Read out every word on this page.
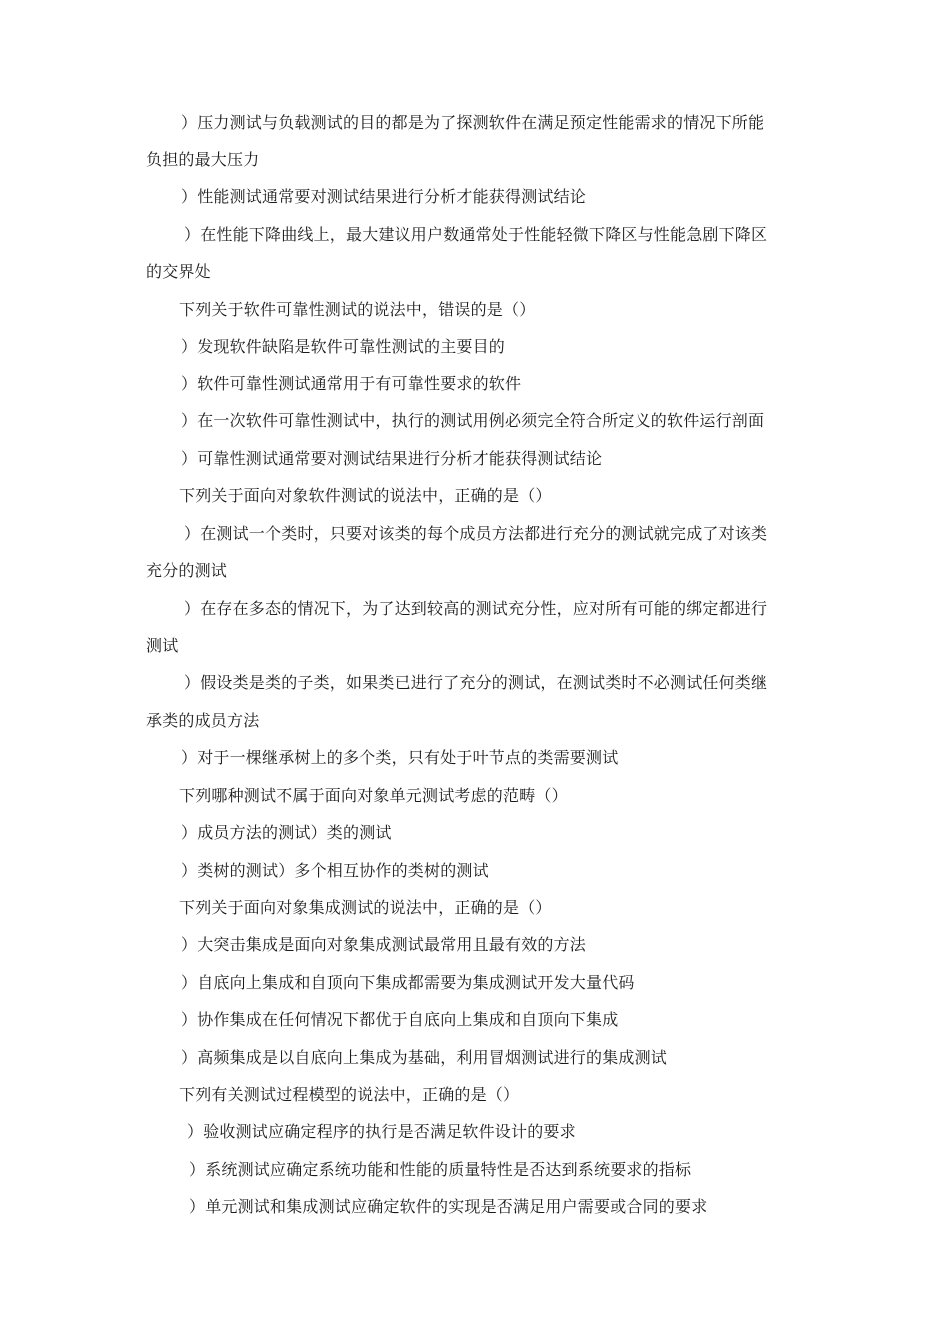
）压力测试与负载测试的目的都是为了探测软件在满足预定性能需求的情况下所能
负担的最大压力
）性能测试通常要对测试结果进行分析才能获得测试结论
）在性能下降曲线上，最大建议用户数通常处于性能轻微下降区与性能急剧下降区
的交界处
下列关于软件可靠性测试的说法中，错误的是（）
）发现软件缺陷是软件可靠性测试的主要目的
）软件可靠性测试通常用于有可靠性要求的软件
）在一次软件可靠性测试中，执行的测试用例必须完全符合所定义的软件运行剖面
）可靠性测试通常要对测试结果进行分析才能获得测试结论
下列关于面向对象软件测试的说法中，正确的是（）
）在测试一个类时，只要对该类的每个成员方法都进行充分的测试就完成了对该类
充分的测试
）在存在多态的情况下，为了达到较高的测试充分性，应对所有可能的绑定都进行
测试
）假设类是类的子类，如果类已进行了充分的测试，在测试类时不必测试任何类继
承类的成员方法
）对于一棵继承树上的多个类，只有处于叶节点的类需要测试
下列哪种测试不属于面向对象单元测试考虑的范畴（）
）成员方法的测试）类的测试
）类树的测试）多个相互协作的类树的测试
下列关于面向对象集成测试的说法中，正确的是（）
）大突击集成是面向对象集成测试最常用且最有效的方法
）自底向上集成和自顶向下集成都需要为集成测试开发大量代码
）协作集成在任何情况下都优于自底向上集成和自顶向下集成
）高频集成是以自底向上集成为基础，利用冒烟测试进行的集成测试
下列有关测试过程模型的说法中，正确的是（）
）验收测试应确定程序的执行是否满足软件设计的要求
）系统测试应确定系统功能和性能的质量特性是否达到系统要求的指标
）单元测试和集成测试应确定软件的实现是否满足用户需要或合同的要求
